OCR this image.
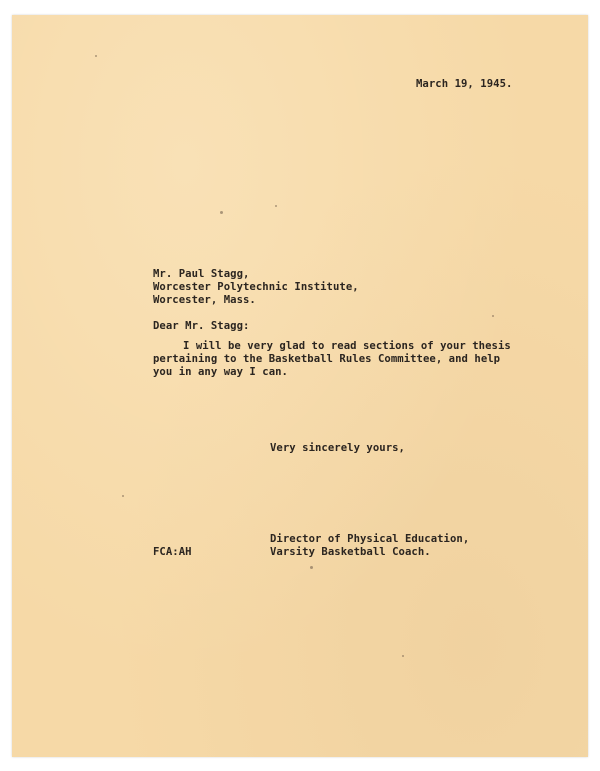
March 19, 1945.
Mr. Paul Stagg,
Worcester Polytechnic Institute,
Worcester, Mass.
Dear Mr. Stagg:
I will be very glad to read sections of your thesis
pertaining to the Basketball Rules Committee, and help
you in any way I can.
Very sincerely yours,
Director of Physical Education,
Varsity Basketball Coach.
FCA:AH
